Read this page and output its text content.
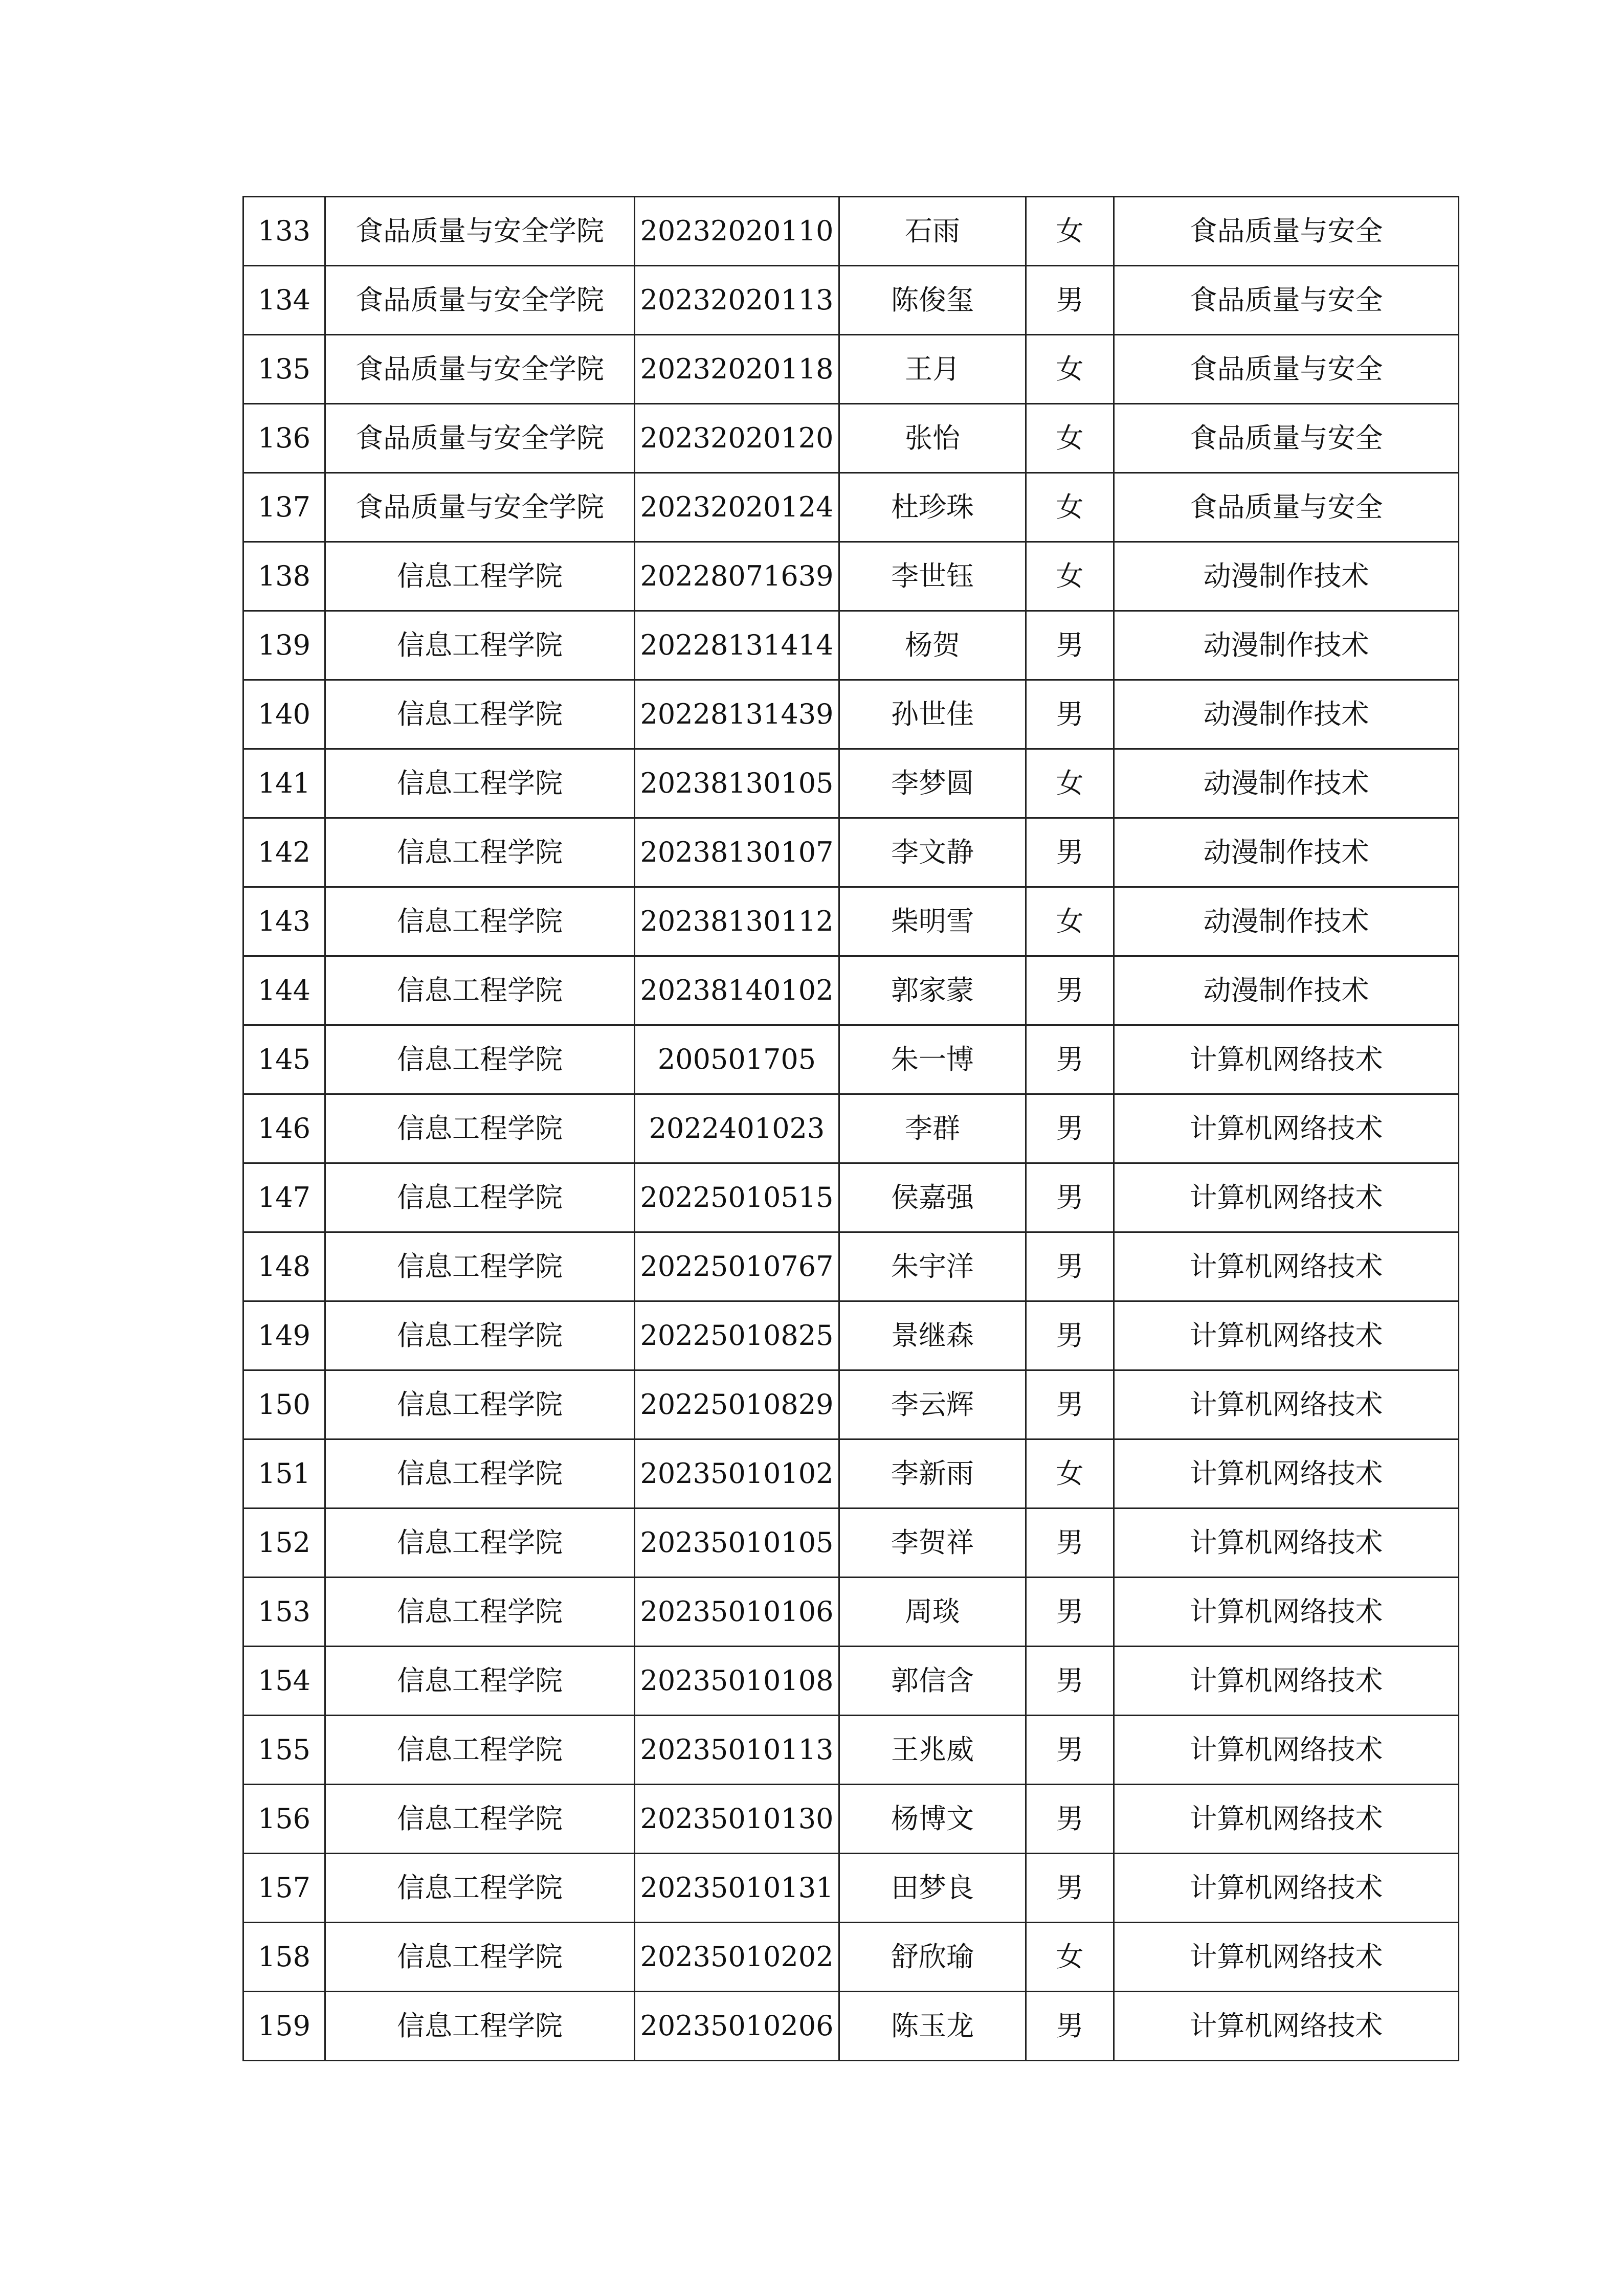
133	食品质量与安全学院	20232020110	石雨	女	食品质量与安全
134	食品质量与安全学院	20232020113	陈俊玺	男	食品质量与安全
135	食品质量与安全学院	20232020118	王月	女	食品质量与安全
136	食品质量与安全学院	20232020120	张怡	女	食品质量与安全
137	食品质量与安全学院	20232020124	杜珍珠	女	食品质量与安全
138	信息工程学院	20228071639	李世钰	女	动漫制作技术
139	信息工程学院	20228131414	杨贺	男	动漫制作技术
140	信息工程学院	20228131439	孙世佳	男	动漫制作技术
141	信息工程学院	20238130105	李梦圆	女	动漫制作技术
142	信息工程学院	20238130107	李文静	男	动漫制作技术
143	信息工程学院	20238130112	柴明雪	女	动漫制作技术
144	信息工程学院	20238140102	郭家蒙	男	动漫制作技术
145	信息工程学院	200501705	朱一博	男	计算机网络技术
146	信息工程学院	2022401023	李群	男	计算机网络技术
147	信息工程学院	20225010515	侯嘉强	男	计算机网络技术
148	信息工程学院	20225010767	朱宇洋	男	计算机网络技术
149	信息工程学院	20225010825	景继森	男	计算机网络技术
150	信息工程学院	20225010829	李云辉	男	计算机网络技术
151	信息工程学院	20235010102	李新雨	女	计算机网络技术
152	信息工程学院	20235010105	李贺祥	男	计算机网络技术
153	信息工程学院	20235010106	周琰	男	计算机网络技术
154	信息工程学院	20235010108	郭信含	男	计算机网络技术
155	信息工程学院	20235010113	王兆威	男	计算机网络技术
156	信息工程学院	20235010130	杨博文	男	计算机网络技术
157	信息工程学院	20235010131	田梦良	男	计算机网络技术
158	信息工程学院	20235010202	舒欣瑜	女	计算机网络技术
159	信息工程学院	20235010206	陈玉龙	男	计算机网络技术
